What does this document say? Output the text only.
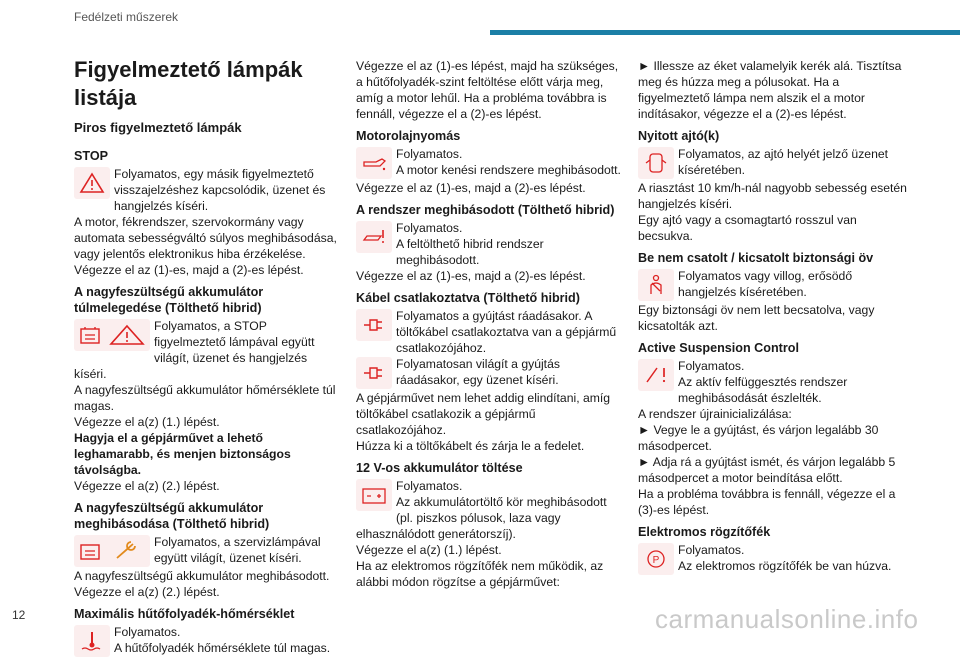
Fedélzeti műszerek
Figyelmeztető lámpák listája
Piros figyelmeztető lámpák
STOP

Folyamatos, egy másik figyelmeztető visszajelzéshez kapcsolódik, üzenet és hangjelzés kíséri.

A motor, fékrendszer, szervokormány vagy automata sebességváltó súlyos meghibásodása, vagy jelentős elektronikus hiba érzékelése.

Végezze el az (1)-es, majd a (2)-es lépést.

A nagyfeszültségű akkumulátor túlmelegedése (Tölthető hibrid)

Folyamatos, a STOP figyelmeztető lámpával együtt világít, üzenet és hangjelzés kíséri.

A nagyfeszültségű akkumulátor hőmérséklete túl magas.

Végezze el a(z) (1.) lépést.

Hagyja el a gépjárművet a lehető leghamarabb, és menjen biztonságos távolságba.

Végezze el a(z) (2.) lépést.

A nagyfeszültségű akkumulátor meghibásodása (Tölthető hibrid)

Folyamatos, a szervizlámpával együtt világít, üzenet kíséri.

A nagyfeszültségű akkumulátor meghibásodott.

Végezze el a(z) (2.) lépést.

Maximális hűtőfolyadék-hőmérséklet

Folyamatos.

A hűtőfolyadék hőmérséklete túl magas.

Végezze el az (1)-es lépést, majd ha szükséges, a hűtőfolyadék-szint feltöltése előtt várja meg, amíg a motor lehűl. Ha a probléma továbbra is fennáll, végezze el a (2)-es lépést.

Motorolajnyomás

Folyamatos.

A motor kenési rendszere meghibásodott.

Végezze el az (1)-es, majd a (2)-es lépést.

A rendszer meghibásodott (Tölthető hibrid)

Folyamatos.

A feltölthető hibrid rendszer meghibásodott.

Végezze el az (1)-es, majd a (2)-es lépést.

Kábel csatlakoztatva (Tölthető hibrid)

Folyamatos a gyújtást ráadásakor. A töltőkábel csatlakoztatva van a gépjármű csatlakozójához.

Folyamatosan világít a gyújtás ráadásakor, egy üzenet kíséri.

A gépjárművet nem lehet addig elindítani, amíg töltőkábel csatlakozik a gépjármű csatlakozójához.

Húzza ki a töltőkábelt és zárja le a fedelet.

12 V-os akkumulátor töltése

Folyamatos.

Az akkumulátortöltő kör meghibásodott (pl. piszkos pólusok, laza vagy elhasználódott generátorszíj).

Végezze el a(z) (1.) lépést.

Ha az elektromos rögzítőfék nem működik, az alábbi módon rögzítse a gépjárművet:

► Illessze az éket valamelyik kerék alá. Tisztítsa meg és húzza meg a pólusokat. Ha a figyelmeztető lámpa nem alszik el a motor indításakor, végezze el a (2)-es lépést.

Nyitott ajtó(k)

Folyamatos, az ajtó helyét jelző üzenet kíséretében.

A riasztást 10 km/h-nál nagyobb sebesség esetén hangjelzés kíséri.

Egy ajtó vagy a csomagtartó rosszul van becsukva.

Be nem csatolt / kicsatolt biztonsági öv

Folyamatos vagy villog, erősödő hangjelzés kíséretében.

Egy biztonsági öv nem lett becsatolva, vagy kicsatolták azt.

Active Suspension Control

Folyamatos.

Az aktív felfüggesztés rendszer meghibásodását észlelték.

A rendszer újrainicializálása:

► Vegye le a gyújtást, és várjon legalább 30 másodpercet.

► Adja rá a gyújtást ismét, és várjon legalább 5 másodpercet a motor beindítása előtt.

Ha a probléma továbbra is fennáll, végezze el a (3)-es lépést.

Elektromos rögzítőfék
P

Folyamatos.

Az elektromos rögzítőfék be van húzva.

12	carmanualsonline.info
